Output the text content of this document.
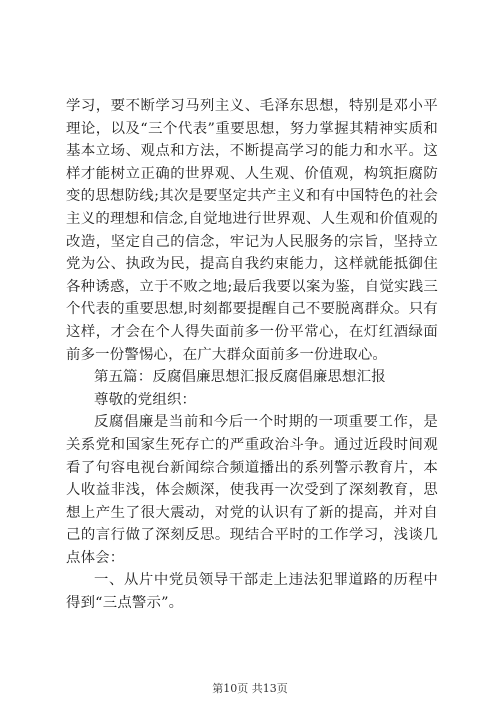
学习，要不断学习马列主义、毛泽东思想，特别是邓小平理论，以及“三个代表”重要思想，努力掌握其精神实质和基本立场、观点和方法，不断提高学习的能力和水平。这样才能树立正确的世界观、人生观、价值观，构筑拒腐防变的思想防线;其次是要坚定共产主义和有中国特色的社会主义的理想和信念,自觉地进行世界观、人生观和价值观的改造，坚定自己的信念，牢记为人民服务的宗旨，坚持立党为公、执政为民，提高自我约束能力，这样就能抵御住各种诱惑，立于不败之地;最后我要以案为鉴，自觉实践三个代表的重要思想,时刻都要提醒自己不要脱离群众。只有这样，才会在个人得失面前多一份平常心，在灯红酒绿面前多一份警惕心，在广大群众面前多一份进取心。

第五篇：反腐倡廉思想汇报反腐倡廉思想汇报

尊敬的党组织：

反腐倡廉是当前和今后一个时期的一项重要工作，是关系党和国家生死存亡的严重政治斗争。通过近段时间观看了句容电视台新闻综合频道播出的系列警示教育片，本人收益非浅，体会颇深，使我再一次受到了深刻教育，思想上产生了很大震动，对党的认识有了新的提高，并对自己的言行做了深刻反思。现结合平时的工作学习，浅谈几点体会：

一、从片中党员领导干部走上违法犯罪道路的历程中得到“三点警示”。

第10页 共13页
